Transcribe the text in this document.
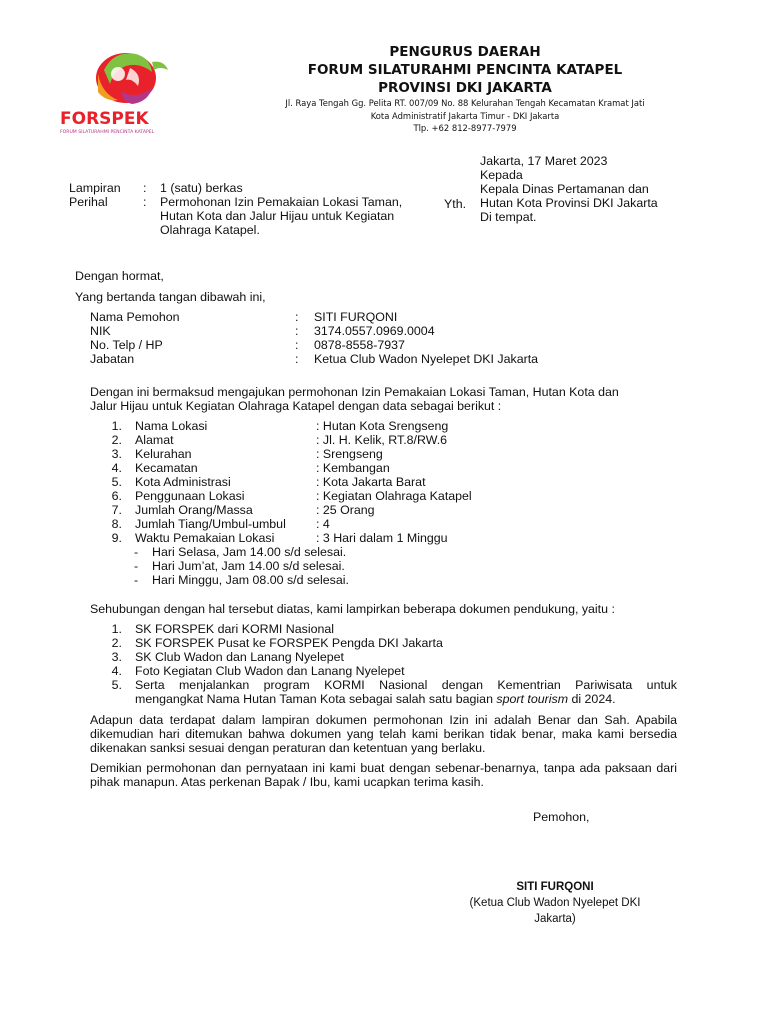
FORSPEK
FORUM SILATURAHMI PENCINTA KATAPEL
PENGURUS DAERAH
FORUM SILATURAHMI PENCINTA KATAPEL
PROVINSI DKI JAKARTA
Jl. Raya Tengah Gg. Pelita RT. 007/09 No. 88 Kelurahan Tengah Kecamatan Kramat Jati
Kota Administratif Jakarta Timur - DKI Jakarta
Tlp. +62 812-8977-7979
Jakarta, 17 Maret 2023
Kepada
Kepala Dinas Pertamanan dan
Yth. Hutan Kota Provinsi DKI Jakarta
Di tempat.
Lampiran : 1 (satu) berkas
Perihal	: Permohonan Izin Pemakaian Lokasi Taman,
Hutan Kota dan Jalur Hijau untuk Kegiatan
Olahraga Katapel.
Dengan hormat,
Yang bertanda tangan dibawah ini,
Nama Pemohon	: SITI FURQONI
NIK	: 3174.0557.0969.0004
No. Telp / HP	: 0878-8558-7937
Jabatan	: Ketua Club Wadon Nyelepet DKI Jakarta
Dengan ini bermaksud mengajukan permohonan Izin Pemakaian Lokasi Taman, Hutan Kota dan
Jalur Hijau untuk Kegiatan Olahraga Katapel dengan data sebagai berikut :
1. Nama Lokasi	: Hutan Kota Srengseng
2. Alamat	: Jl. H. Kelik, RT.8/RW.6
3. Kelurahan	: Srengseng
4. Kecamatan	: Kembangan
5. Kota Administrasi	: Kota Jakarta Barat
6. Penggunaan Lokasi	: Kegiatan Olahraga Katapel
7. Jumlah Orang/Massa	: 25 Orang
8. Jumlah Tiang/Umbul-umbul : 4
9. Waktu Pemakaian Lokasi	: 3 Hari dalam 1 Minggu
- Hari Selasa, Jam 14.00 s/d selesai.
- Hari Jum’at, Jam 14.00 s/d selesai.
- Hari Minggu, Jam 08.00 s/d selesai.
Sehubungan dengan hal tersebut diatas, kami lampirkan beberapa dokumen pendukung, yaitu :
1. SK FORSPEK dari KORMI Nasional
2. SK FORSPEK Pusat ke FORSPEK Pengda DKI Jakarta
3. SK Club Wadon dan Lanang Nyelepet
4. Foto Kegiatan Club Wadon dan Lanang Nyelepet
5. Serta menjalankan program KORMI Nasional dengan Kementrian Pariwisata untuk
mengangkat Nama Hutan Taman Kota sebagai salah satu bagian sport tourism di 2024.
Adapun data terdapat dalam lampiran dokumen permohonan Izin ini adalah Benar dan Sah. Apabila dikemudian hari ditemukan bahwa dokumen yang telah kami berikan tidak benar, maka kami bersedia dikenakan sanksi sesuai dengan peraturan dan ketentuan yang berlaku.
Demikian permohonan dan pernyataan ini kami buat dengan sebenar-benarnya, tanpa ada paksaan dari pihak manapun. Atas perkenan Bapak / Ibu, kami ucapkan terima kasih.
Pemohon,
SITI FURQONI
(Ketua Club Wadon Nyelepet DKI Jakarta)
